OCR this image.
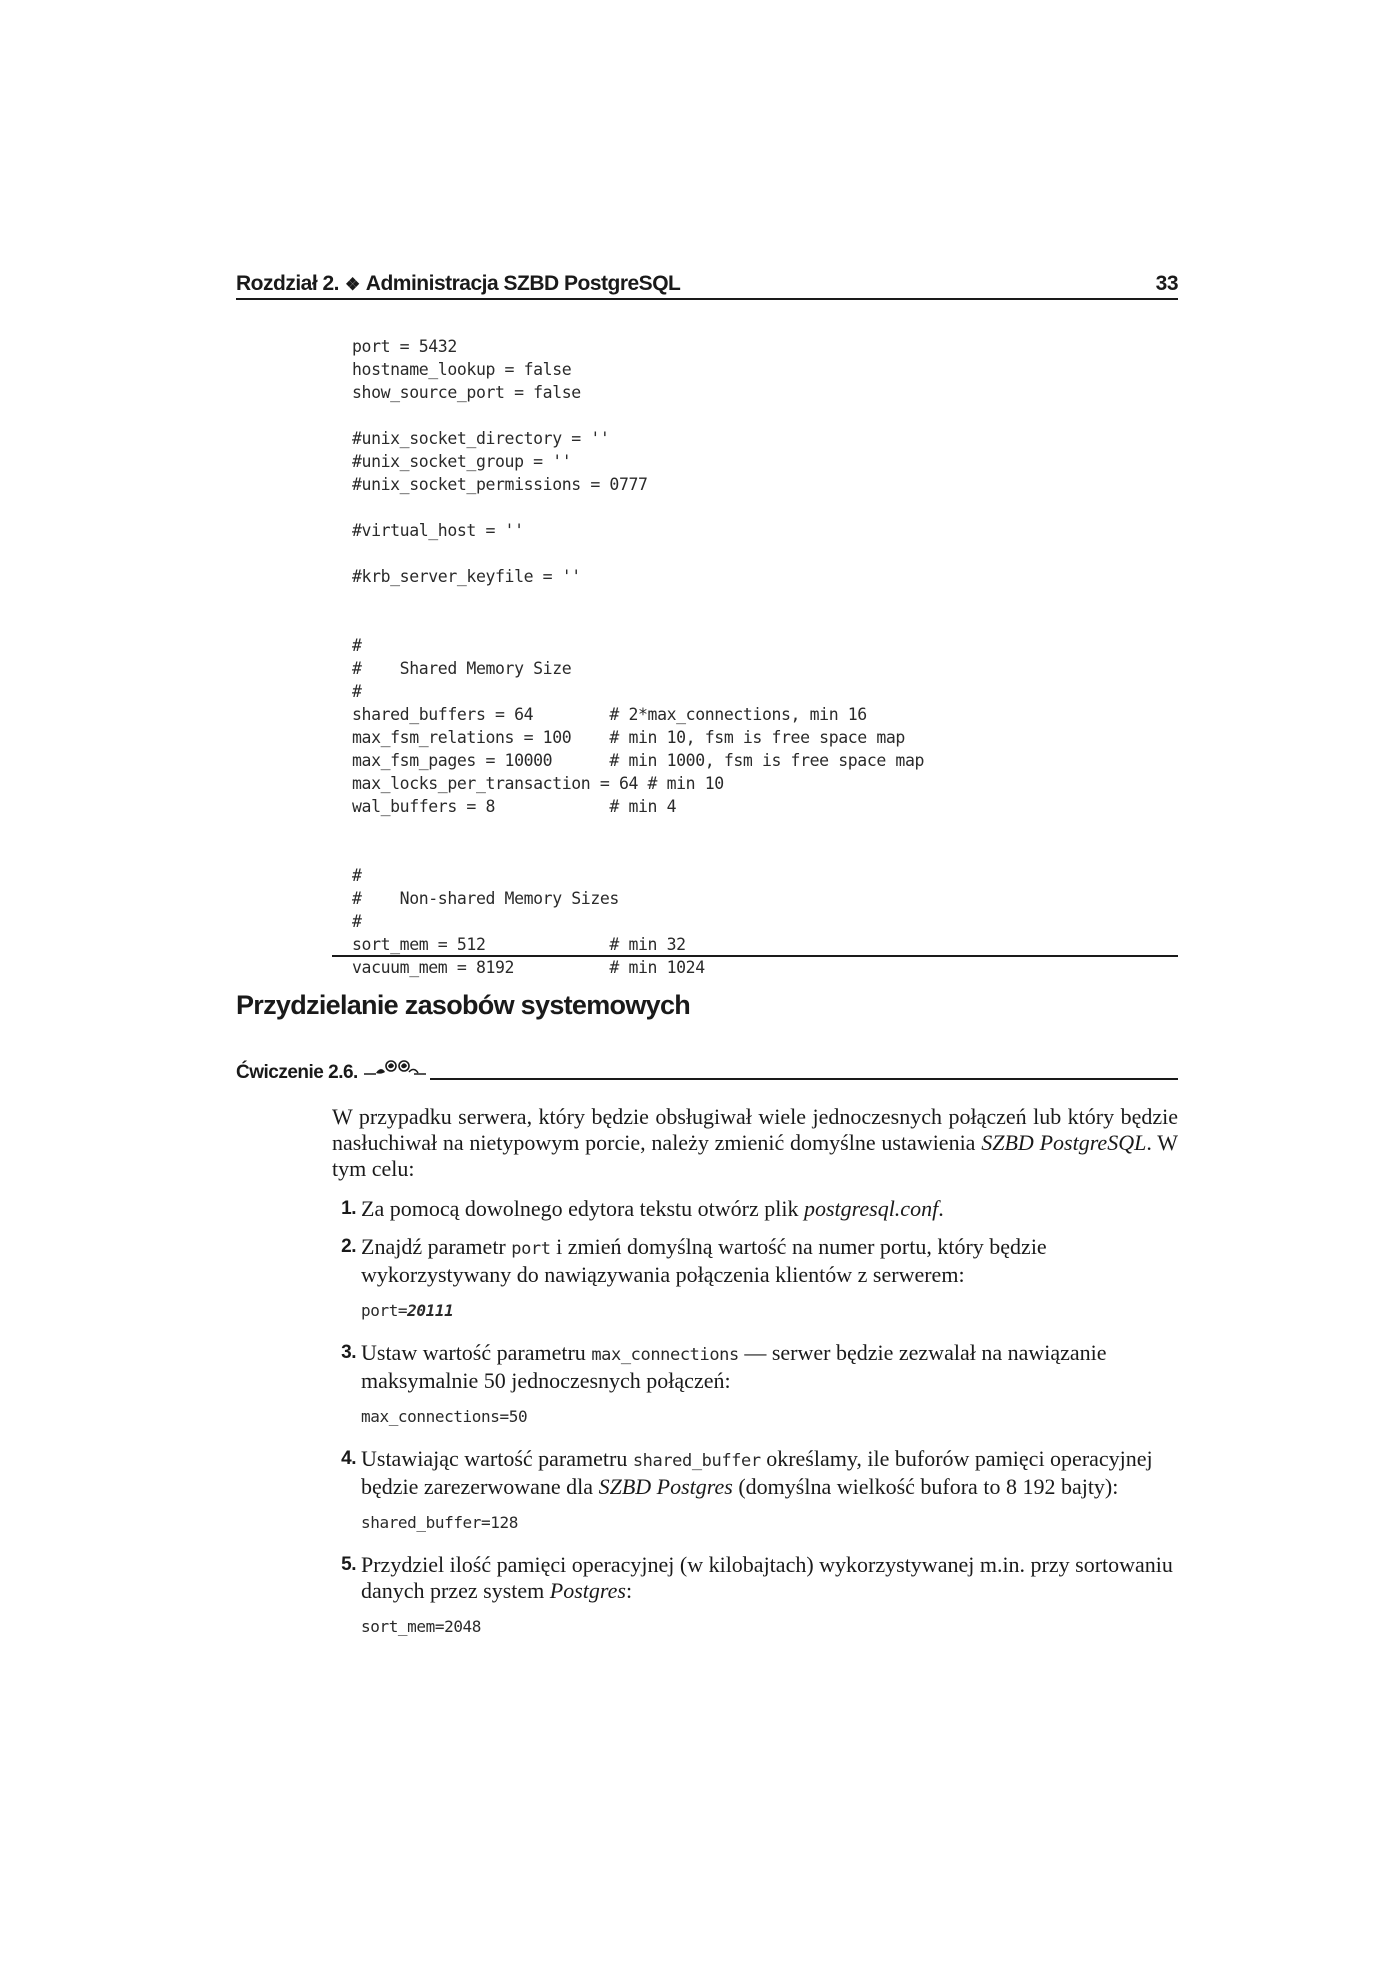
Rozdział 2. ❖ Administracja SZBD PostgreSQL	33
port = 5432
hostname_lookup = false
show_source_port = false
#unix_socket_directory = ''
#unix_socket_group = ''
#unix_socket_permissions = 0777
#virtual_host = ''
#krb_server_keyfile = ''
#
#    Shared Memory Size
#
shared_buffers = 64        # 2*max_connections, min 16
max_fsm_relations = 100    # min 10, fsm is free space map
max_fsm_pages = 10000      # min 1000, fsm is free space map
max_locks_per_transaction = 64 # min 10
wal_buffers = 8            # min 4
#
#    Non-shared Memory Sizes
#
sort_mem = 512             # min 32
vacuum_mem = 8192          # min 1024
Przydzielanie zasobów systemowych
Ćwiczenie 2.6.

W przypadku serwera, który będzie obsługiwał wiele jednoczesnych połączeń lub który będzie nasłuchiwał na nietypowym porcie, należy zmienić domyślne ustawienia SZBD PostgreSQL. W tym celu:

1. Za pomocą dowolnego edytora tekstu otwórz plik postgresql.conf.
2. Znajdź parametr port i zmień domyślną wartość na numer portu, który będzie wykorzystywany do nawiązywania połączenia klientów z serwerem:
port=20111
3. Ustaw wartość parametru max_connections — serwer będzie zezwalał na nawiązanie maksymalnie 50 jednoczesnych połączeń:
max_connections=50
4. Ustawiając wartość parametru shared_buffer określamy, ile buforów pamięci operacyjnej będzie zarezerwowane dla SZBD Postgres (domyślna wielkość bufora to 8 192 bajty):
shared_buffer=128
5. Przydziel ilość pamięci operacyjnej (w kilobajtach) wykorzystywanej m.in. przy sortowaniu danych przez system Postgres:
sort_mem=2048
